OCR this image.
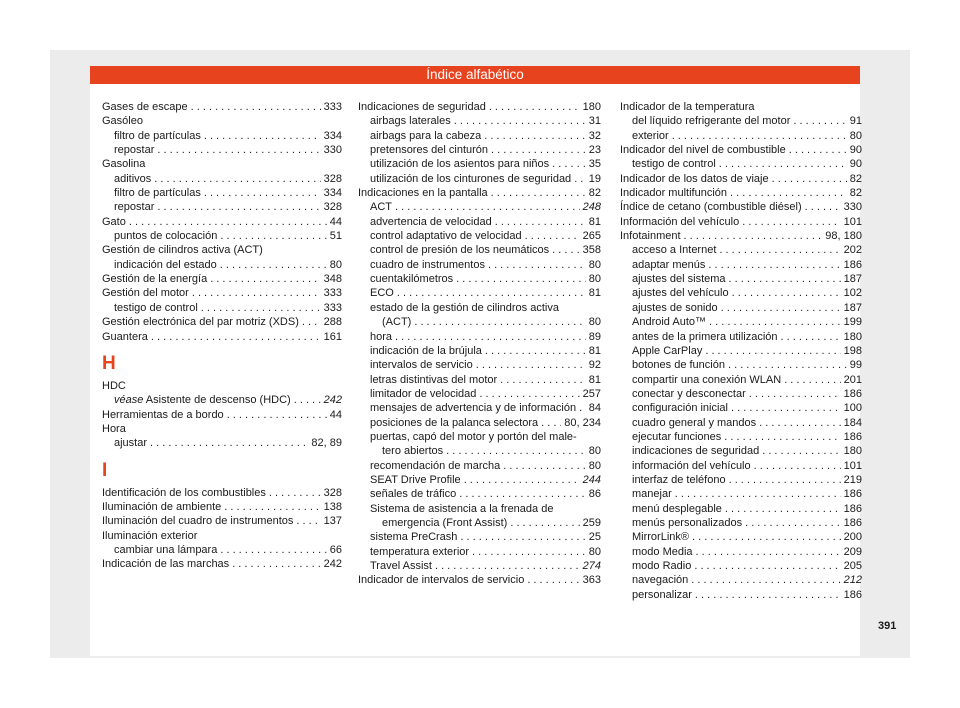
Índice alfabético
Gases de escape . . .	333
Gasóleo
filtro de partículas . . .	334
repostar . . .	330
Gasolina
aditivos . . .	328
filtro de partículas . . .	334
repostar . . .	328
Gato . . .	44
puntos de colocación . . .	51
Gestión de cilindros activa (ACT)
indicación del estado . . .	80
Gestión de la energía . . .	348
Gestión del motor . . .	333
testigo de control . . .	333
Gestión electrónica del par motriz (XDS) . . . 288
Guantera . . .	161
H
HDC
véase Asistente de descenso (HDC) . . .	242
Herramientas de a bordo . . .	44
Hora
ajustar . . .	82, 89
I
Identificación de los combustibles . . .	328
Iluminación de ambiente . . .	138
Iluminación del cuadro de instrumentos . . .	137
Iluminación exterior
cambiar una lámpara . . .	66
Indicación de las marchas . . .	242
Indicaciones de seguridad . . .	180
airbags laterales . . .	31
airbags para la cabeza . . .	32
pretensores del cinturón . . .	23
utilización de los asientos para niños . . .	35
utilización de los cinturones de seguridad . . . 19
Indicaciones en la pantalla . . .	82
ACT . . .	248
advertencia de velocidad . . .	81
control adaptativo de velocidad . . .	265
control de presión de los neumáticos . . .	358
cuadro de instrumentos . . .	80
cuentakilómetros . . .	80
ECO . . .	81
estado de la gestión de cilindros activa
(ACT) . . .	80
hora . . .	89
indicación de la brújula . . .	81
intervalos de servicio . . .	92
letras distintivas del motor . . .	81
limitador de velocidad . . .	257
mensajes de advertencia y de información . . . 84
posiciones de la palanca selectora . . . 80, 234
puertas, capó del motor y portón del male-
tero abiertos . . .	80
recomendación de marcha . . .	80
SEAT Drive Profile . . .	244
señales de tráfico . . .	86
Sistema de asistencia a la frenada de
emergencia (Front Assist) . . .	259
sistema PreCrash . . .	25
temperatura exterior . . .	80
Travel Assist . . .	274
Indicador de intervalos de servicio . . .	363
Indicador de la temperatura
del líquido refrigerante del motor . . .	91
exterior . . .	80
Indicador del nivel de combustible . . .	90
testigo de control . . .	90
Indicador de los datos de viaje . . .	82
Indicador multifunción . . .	82
Índice de cetano (combustible diésel) . . .	330
Información del vehículo . . .	101
Infotainment . . .	98, 180
acceso a Internet . . .	202
adaptar menús . . .	186
ajustes del sistema . . .	187
ajustes del vehículo . . .	102
ajustes de sonido . . .	187
Android Auto™ . . .	199
antes de la primera utilización . . .	180
Apple CarPlay . . .	198
botones de función . . .	99
compartir una conexión WLAN . . .	201
conectar y desconectar . . .	186
configuración inicial . . .	100
cuadro general y mandos . . .	184
ejecutar funciones . . .	186
indicaciones de seguridad . . .	180
información del vehículo . . .	101
interfaz de teléfono . . .	219
manejar . . .	186
menú desplegable . . .	186
menús personalizados . . .	186
MirrorLink® . . .	200
modo Media . . .	209
modo Radio . . .	205
navegación . . .	212
personalizar . . .	186
391
